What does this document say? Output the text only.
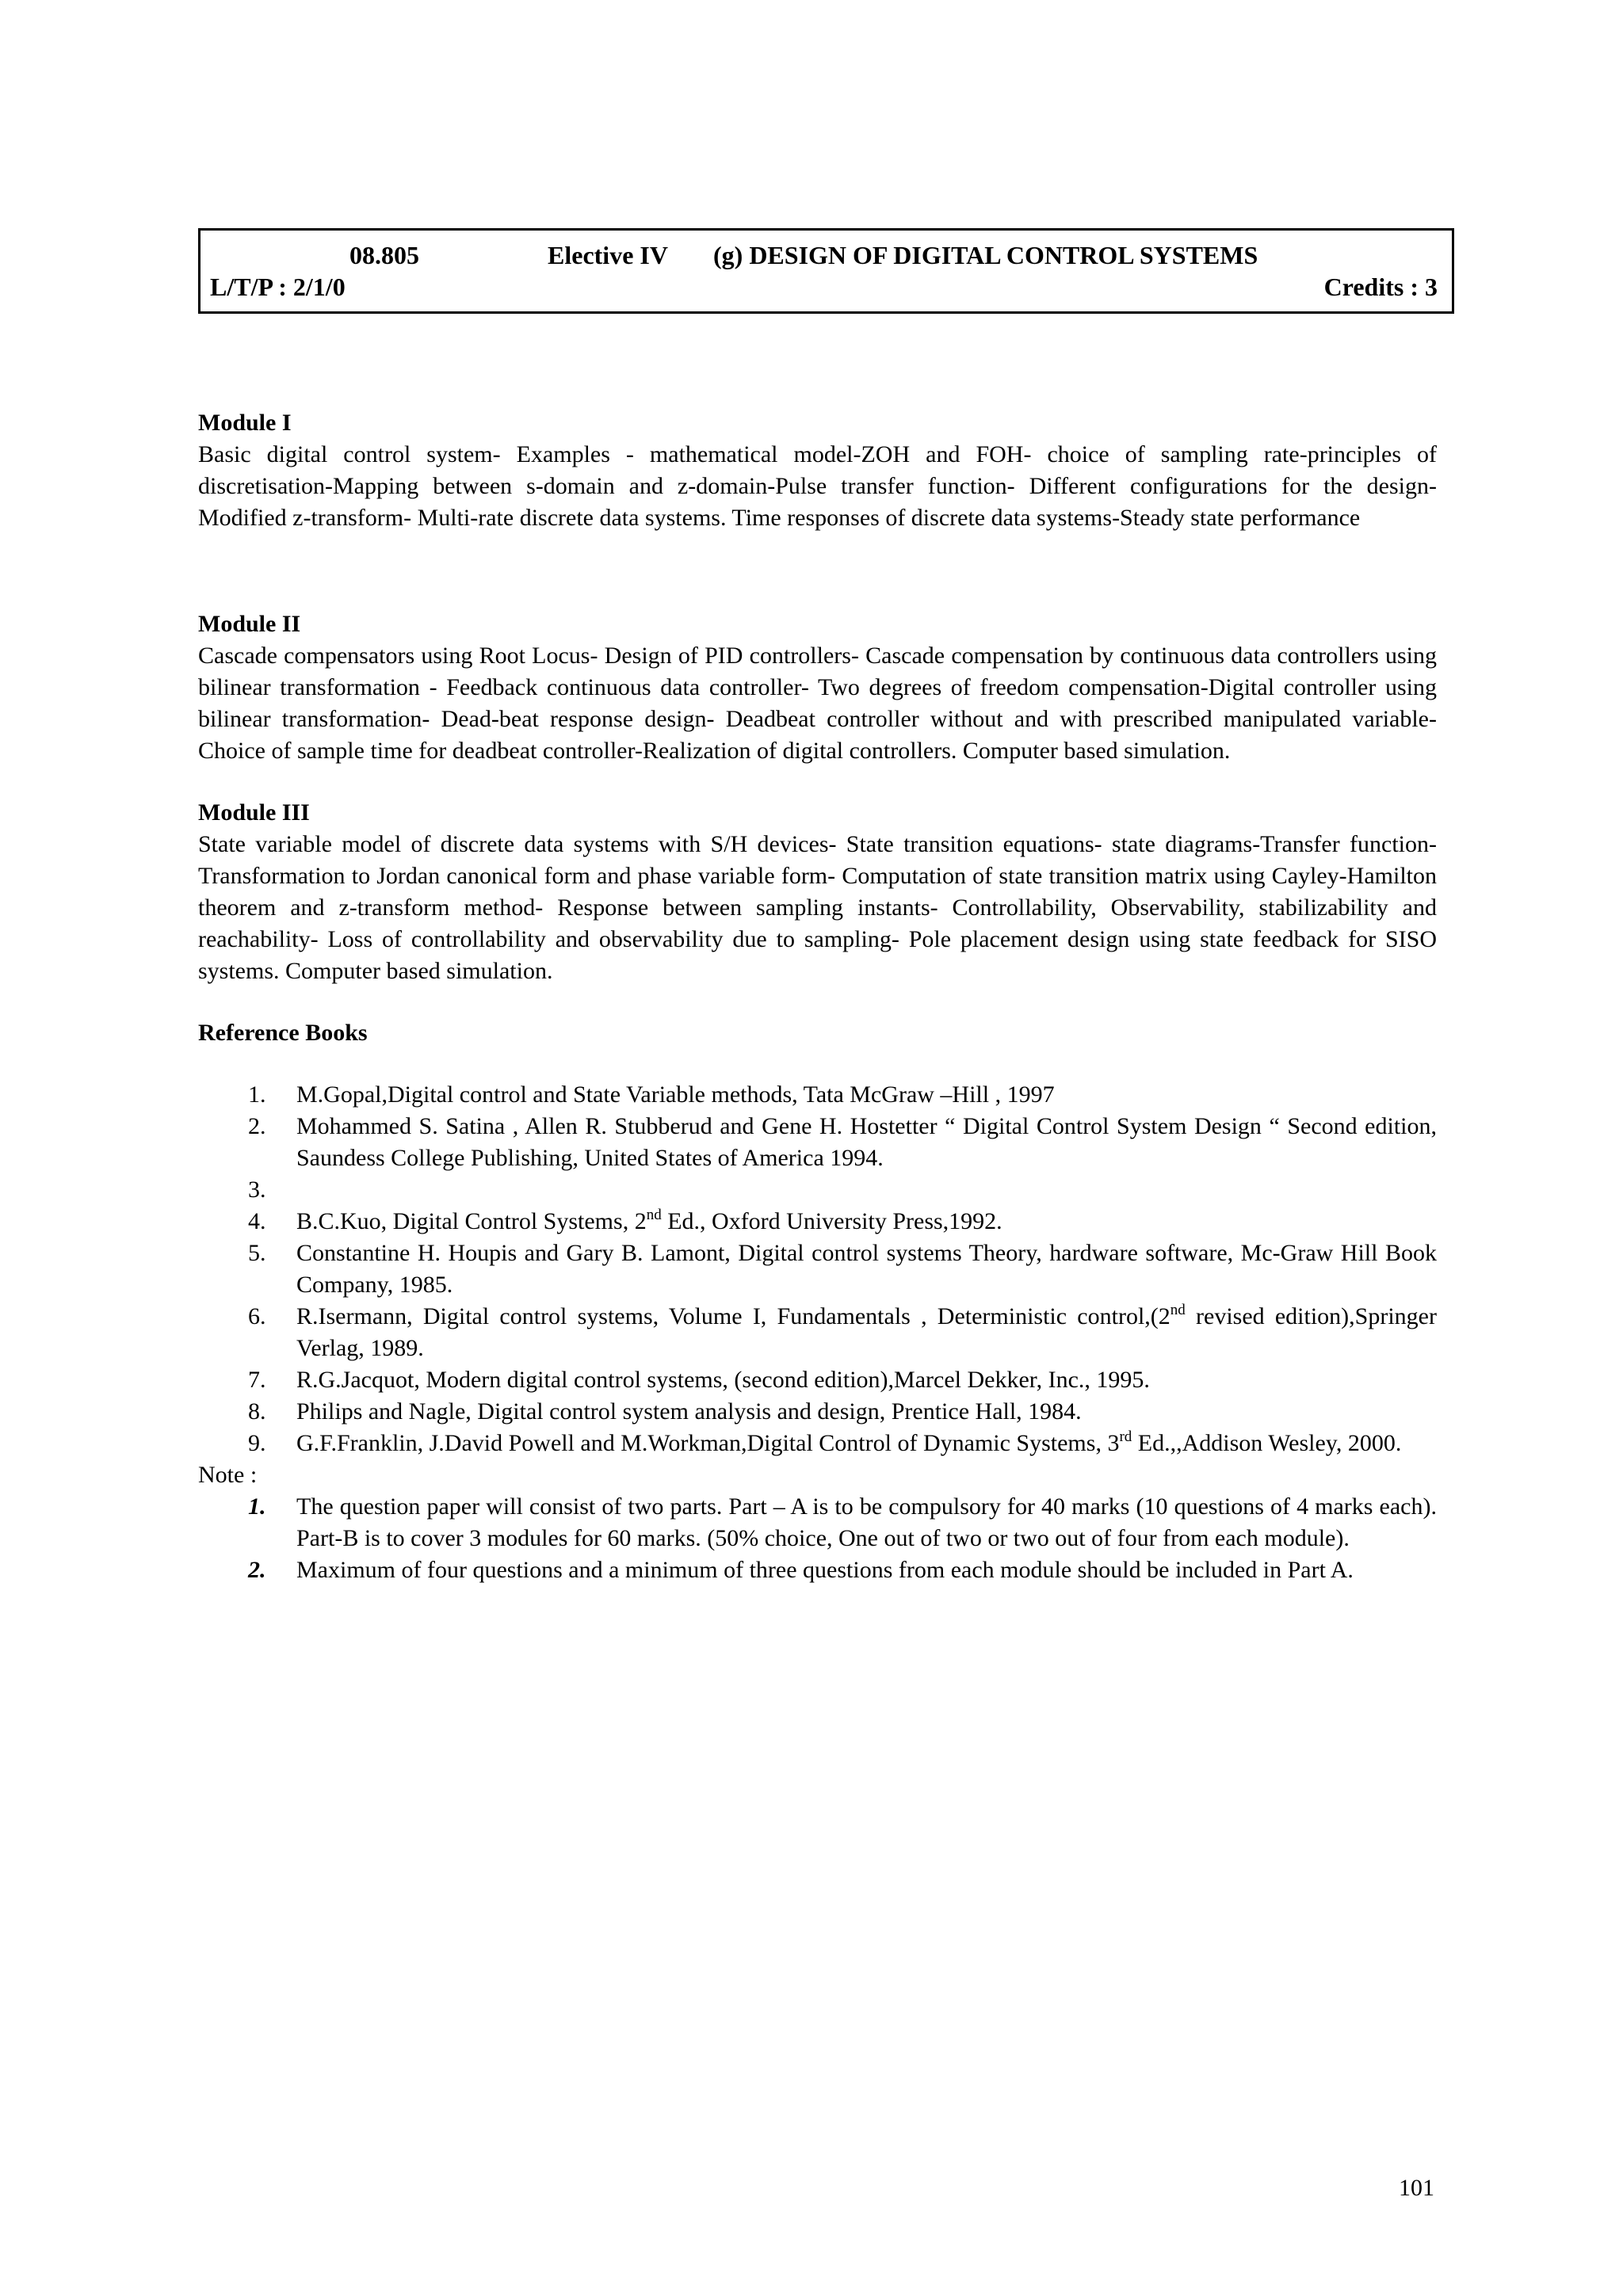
08.805	Elective IV (g) DESIGN OF DIGITAL CONTROL SYSTEMS
L/T/P : 2/1/0	Credits : 3
Module I

Basic digital control system- Examples - mathematical model-ZOH and FOH- choice of sampling rate-principles of discretisation-Mapping between s-domain and z-domain-Pulse transfer function- Different configurations for the design- Modified z-transform- Multi-rate discrete data systems. Time responses of discrete data systems-Steady state performance

Module II

Cascade compensators using Root Locus- Design of PID controllers- Cascade compensation by continuous data controllers using bilinear transformation - Feedback continuous data controller- Two degrees of freedom compensation-Digital controller using bilinear transformation- Dead-beat response design- Deadbeat controller without and with prescribed manipulated variable-Choice of sample time for deadbeat controller-Realization of digital controllers. Computer based simulation.

Module III

State variable model of discrete data systems with S/H devices- State transition equations- state diagrams-Transfer function- Transformation to Jordan canonical form and phase variable form- Computation of state transition matrix using Cayley-Hamilton theorem and z-transform method- Response between sampling instants- Controllability, Observability, stabilizability and reachability- Loss of controllability and observability due to sampling- Pole placement design using state feedback for SISO systems. Computer based simulation.

Reference Books
1. M.Gopal,Digital control and State Variable methods, Tata McGraw –Hill , 1997
2. Mohammed S. Satina , Allen R. Stubberud and Gene H. Hostetter “ Digital Control System Design “ Second edition, Saundess College Publishing, United States of America 1994.
3.
4. B.C.Kuo, Digital Control Systems, 2nd Ed., Oxford University Press,1992.
5. Constantine H. Houpis and Gary B. Lamont, Digital control systems Theory, hardware software, Mc-Graw Hill Book Company, 1985.
6. R.Isermann, Digital control systems, Volume I, Fundamentals , Deterministic control,(2nd revised edition),Springer Verlag, 1989.
7. R.G.Jacquot, Modern digital control systems, (second edition),Marcel Dekker, Inc., 1995.
8. Philips and Nagle, Digital control system analysis and design, Prentice Hall, 1984.
9. G.F.Franklin, J.David Powell and M.Workman,Digital Control of Dynamic Systems, 3rd Ed.,,Addison Wesley, 2000.
Note :
1. The question paper will consist of two parts. Part – A is to be compulsory for 40 marks (10 questions of 4 marks each). Part-B is to cover 3 modules for 60 marks. (50% choice, One out of two or two out of four from each module).
2. Maximum of four questions and a minimum of three questions from each module should be included in Part A.
101
